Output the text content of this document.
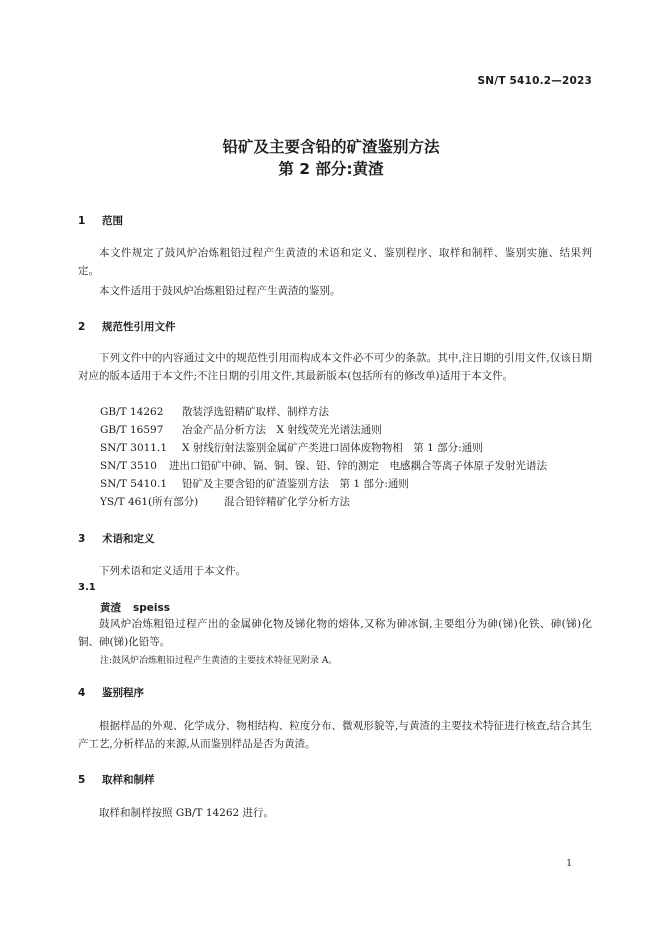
SN/T 5410.2—2023
铅矿及主要含铅的矿渣鉴别方法
第 2 部分:黄渣
1 范围
本文件规定了鼓风炉冶炼粗铅过程产生黄渣的术语和定义、鉴别程序、取样和制样、鉴别实施、结果判定。
本文件适用于鼓风炉冶炼粗铅过程产生黄渣的鉴别。
2 规范性引用文件
下列文件中的内容通过文中的规范性引用而构成本文件必不可少的条款。其中,注日期的引用文件,仅该日期对应的版本适用于本文件;不注日期的引用文件,其最新版本(包括所有的修改单)适用于本文件。
GB/T 14262 散装浮选铅精矿取样、制样方法
GB/T 16597 冶金产品分析方法　X 射线荧光光谱法通则
SN/T 3011.1 X 射线衍射法鉴别金属矿产类进口固体废物物相　第 1 部分:通则
SN/T 3510 进出口铅矿中砷、镉、铜、镍、铅、锌的测定　电感耦合等离子体原子发射光谱法
SN/T 5410.1 铅矿及主要含铅的矿渣鉴别方法　第 1 部分:通则
YS/T 461(所有部分) 混合铅锌精矿化学分析方法
3 术语和定义
下列术语和定义适用于本文件。
3.1
黄渣 speiss
鼓风炉冶炼粗铅过程产出的金属砷化物及锑化物的熔体,又称为砷冰铜,主要组分为砷(锑)化铁、砷(锑)化铜、砷(锑)化铅等。
注:鼓风炉冶炼粗铅过程产生黄渣的主要技术特征见附录 A。
4 鉴别程序
根据样品的外观、化学成分、物相结构、粒度分布、微观形貌等,与黄渣的主要技术特征进行核查,结合其生产工艺,分析样品的来源,从而鉴别样品是否为黄渣。
5 取样和制样
取样和制样按照 GB/T 14262 进行。
1
